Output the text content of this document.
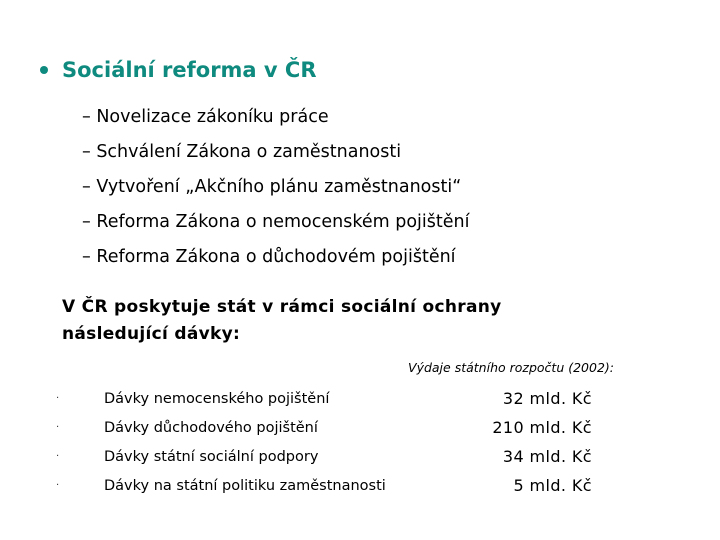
Sociální reforma v ČR
– Novelizace zákoníku práce
– Schválení Zákona o zaměstnanosti
– Vytvoření „Akčního plánu zaměstnanosti“
– Reforma Zákona o nemocenském pojištění
– Reforma Zákona o důchodovém pojištění
V ČR poskytuje stát v rámci sociální ochrany
následující dávky:
Výdaje státního rozpočtu (2002):
·	Dávky nemocenského pojištění	32 mld. Kč
·	Dávky důchodového pojištění	210 mld. Kč
·	Dávky státní sociální podpory	34 mld. Kč
·	Dávky na státní politiku zaměstnanosti	5 mld. Kč
